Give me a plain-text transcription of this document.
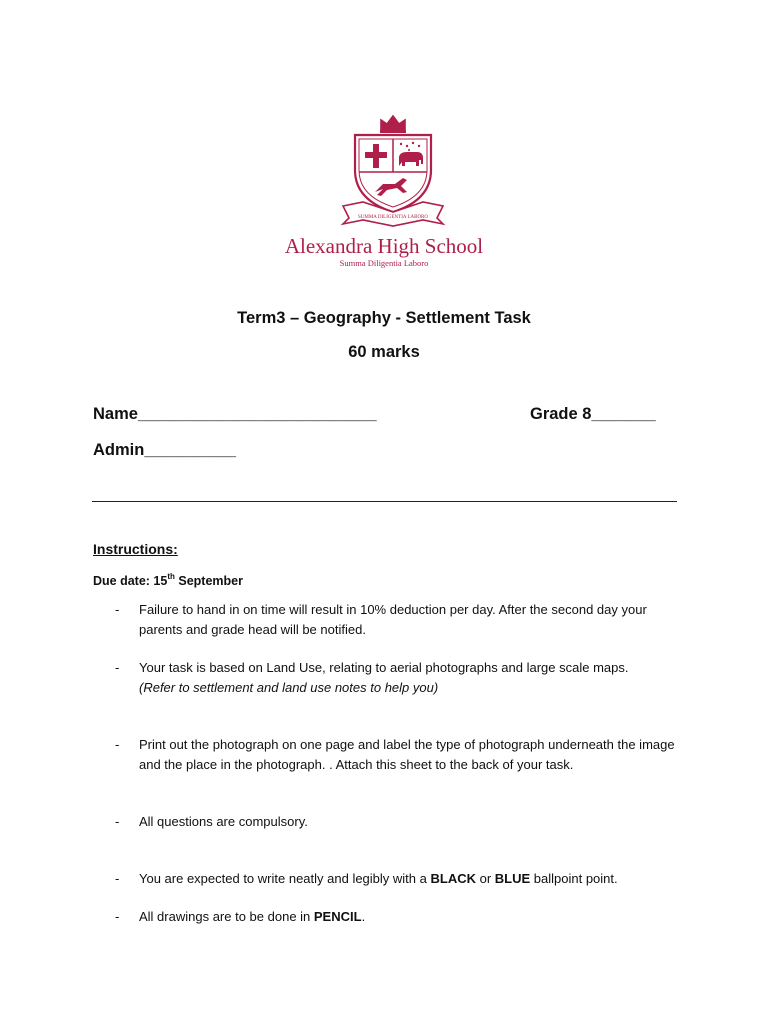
SUMMA DILIGENTIA LABORO
Alexandra High School
Summa Diligentia Laboro
Term3 – Geography - Settlement Task
60 marks
Name__________________________	Grade 8_______
Admin__________
Instructions:
Due date: 15th September
- Failure to hand in on time will result in 10% deduction per day. After the second day your parents and grade head will be notified.
- Your task is based on Land Use, relating to aerial photographs and large scale maps.
(Refer to settlement and land use notes to help you)
- Print out the photograph on one page and label the type of photograph underneath the image and the place in the photograph. . Attach this sheet to the back of your task.
- All questions are compulsory.
- You are expected to write neatly and legibly with a BLACK or BLUE ballpoint point.
- All drawings are to be done in PENCIL.
